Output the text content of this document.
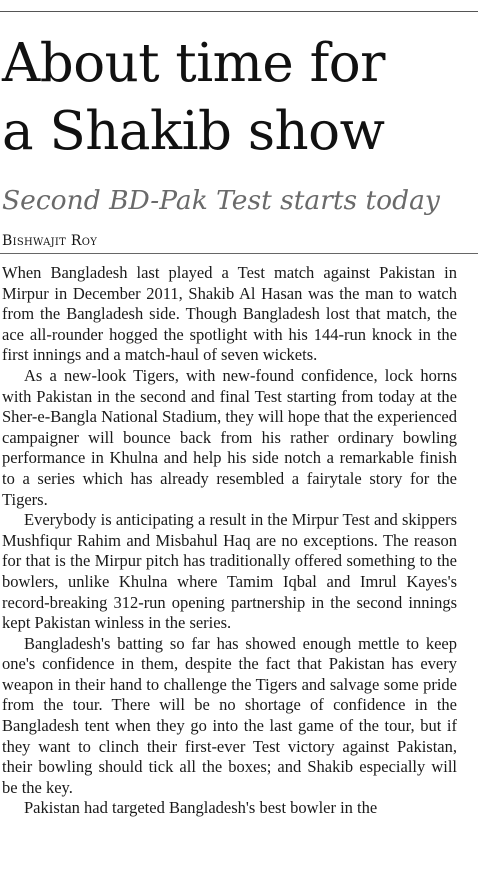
About time for
a Shakib show
Second BD-Pak Test starts today
Bishwajit Roy

When Bangladesh last played a Test match against Pakistan in Mirpur in December 2011, Shakib Al Hasan was the man to watch from the Bangladesh side. Though Bangladesh lost that match, the ace all-rounder hogged the spotlight with his 144-run knock in the first innings and a match-haul of seven wickets.

As a new-look Tigers, with new-found confidence, lock horns with Pakistan in the second and final Test starting from today at the Sher-e-Bangla National Stadium, they will hope that the experienced campaigner will bounce back from his rather ordinary bowling performance in Khulna and help his side notch a remarkable finish to a series which has already resembled a fairytale story for the Tigers.

Everybody is anticipating a result in the Mirpur Test and skippers Mushfiqur Rahim and Misbahul Haq are no exceptions. The reason for that is the Mirpur pitch has traditionally offered something to the bowlers, unlike Khulna where Tamim Iqbal and Imrul Kayes's record-breaking 312-run opening partnership in the second innings kept Pakistan winless in the series.

Bangladesh's batting so far has showed enough mettle to keep one's confidence in them, despite the fact that Pakistan has every weapon in their hand to challenge the Tigers and salvage some pride from the tour. There will be no shortage of confidence in the Bangladesh tent when they go into the last game of the tour, but if they want to clinch their first-ever Test victory against Pakistan, their bowling should tick all the boxes; and Shakib especially will be the key.

Pakistan had targeted Bangladesh's best bowler in the
